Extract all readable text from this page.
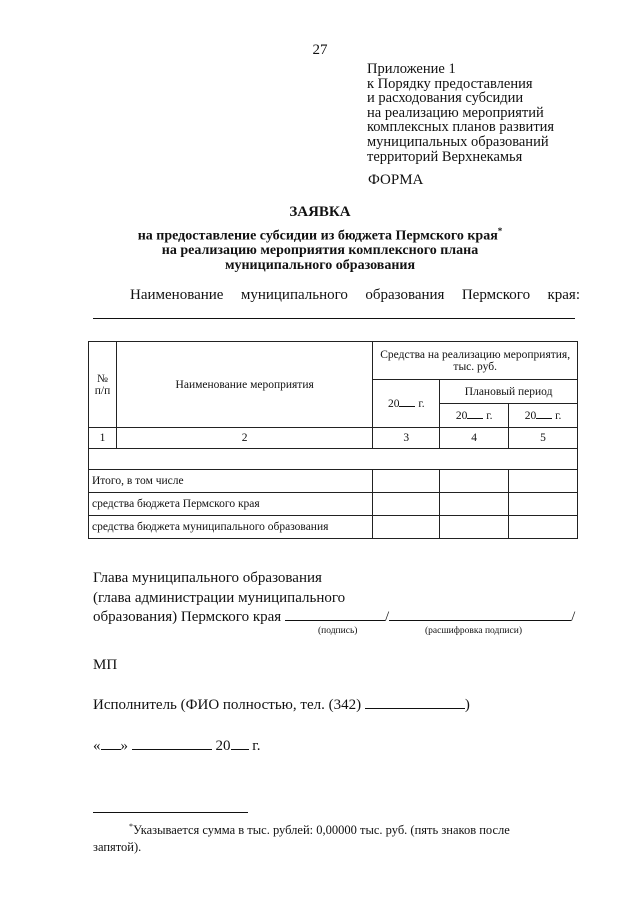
27
Приложение 1
к Порядку предоставления
и расходования субсидии
на реализацию мероприятий
комплексных планов развития
муниципальных образований
территорий Верхнекамья
ФОРМА
ЗАЯВКА
на предоставление субсидии из бюджета Пермского края*
на реализацию мероприятия комплексного плана
муниципального образования
Наименование муниципального образования Пермского края:
№ п/п	Наименование мероприятия	Средства на реализацию мероприятия, тыс. руб.		
		20 г.	Плановый период	
			20 г.	20 г.
1	2	3	4	5

Итого, в том числе				
средства бюджета Пермского края				
средства бюджета муниципального образования				
Глава муниципального образования
(глава администрации муниципального
образования) Пермского края	/	/
(подпись)	(расшифровка подписи)
МП
Исполнитель (ФИО полностью, тел. (342)	)
« »	20 г.
*Указывается сумма в тыс. рублей: 0,00000 тыс. руб. (пять знаков после
запятой).
